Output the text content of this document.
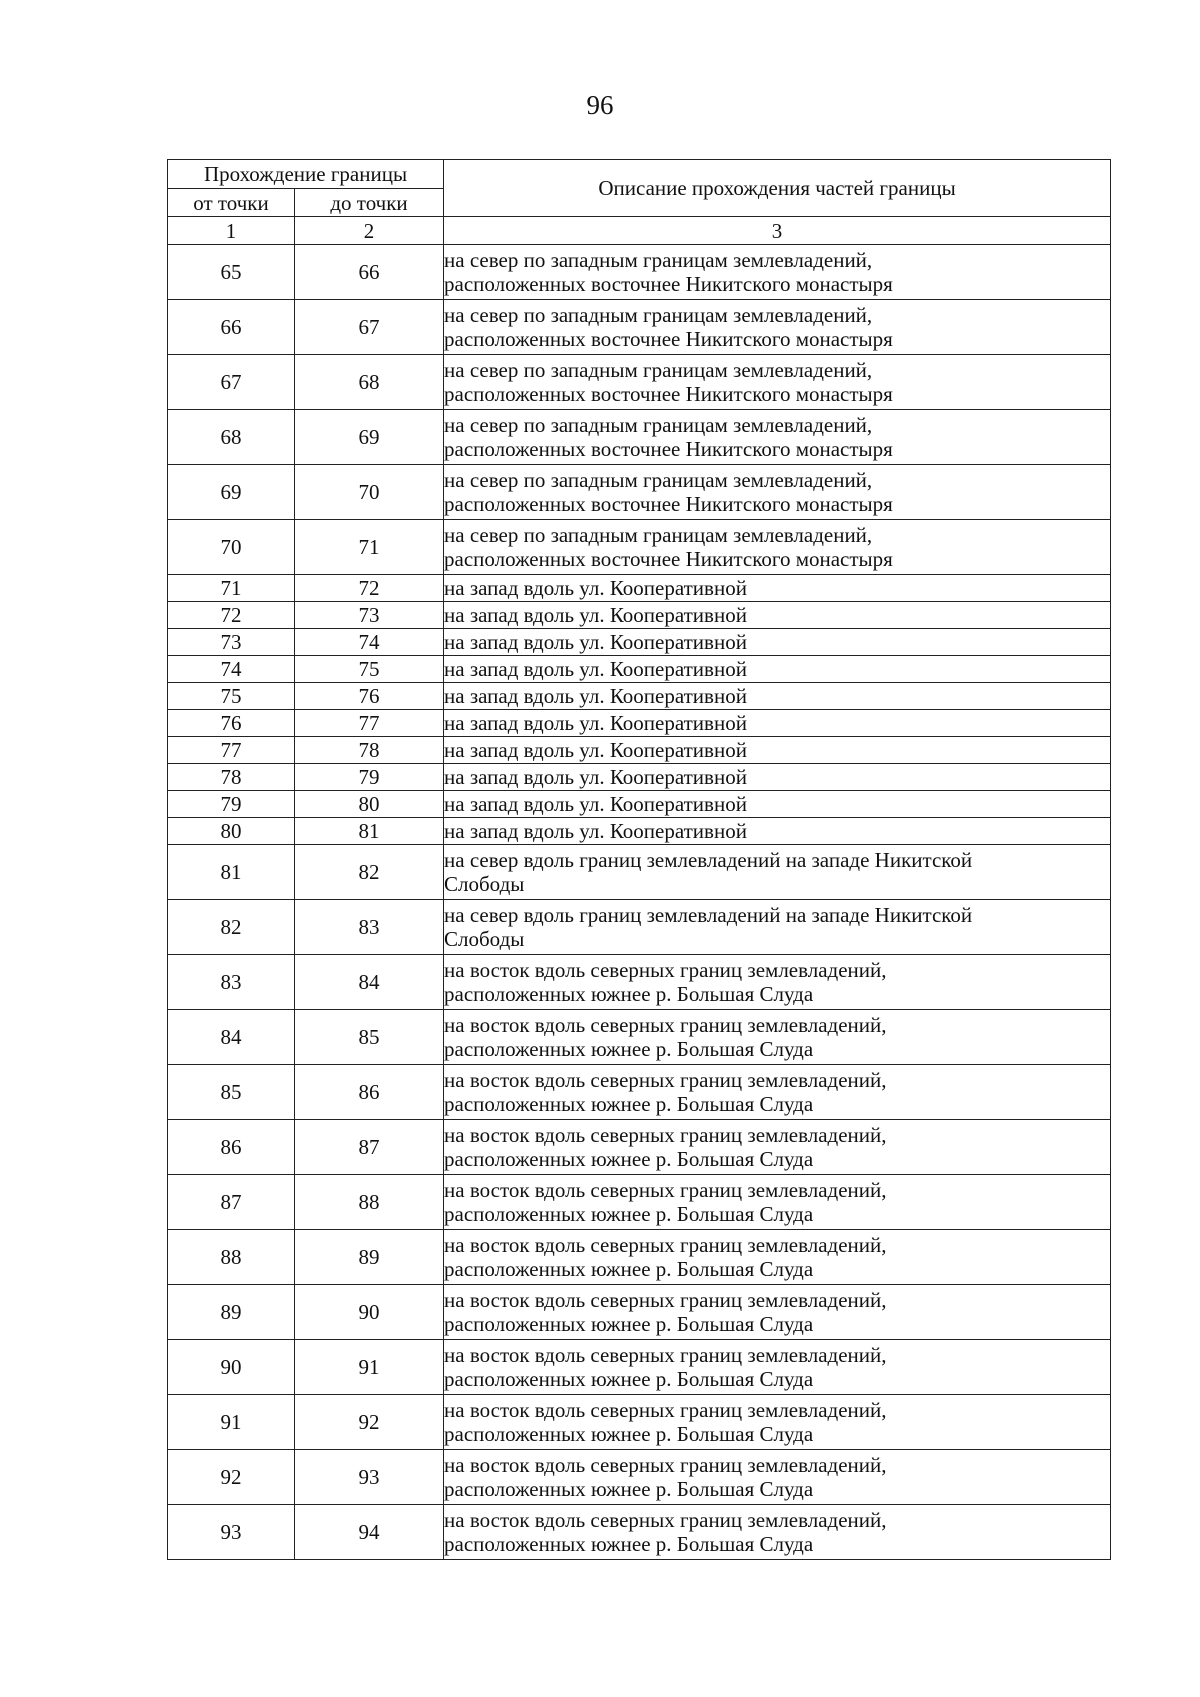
96
Прохождение границы		Описание прохождения частей границы
от точки	до точки	
1	2	3
65	66	на север по западным границам землевладений,
расположенных восточнее Никитского монастыря

66	67	на север по западным границам землевладений,
расположенных восточнее Никитского монастыря

67	68	на север по западным границам землевладений,
расположенных восточнее Никитского монастыря

68	69	на север по западным границам землевладений,
расположенных восточнее Никитского монастыря

69	70	на север по западным границам землевладений,
расположенных восточнее Никитского монастыря

70	71	на север по западным границам землевладений,
расположенных восточнее Никитского монастыря

71	72	на запад вдоль ул. Кооперативной

72	73	на запад вдоль ул. Кооперативной

73	74	на запад вдоль ул. Кооперативной

74	75	на запад вдоль ул. Кооперативной

75	76	на запад вдоль ул. Кооперативной

76	77	на запад вдоль ул. Кооперативной

77	78	на запад вдоль ул. Кооперативной

78	79	на запад вдоль ул. Кооперативной

79	80	на запад вдоль ул. Кооперативной

80	81	на запад вдоль ул. Кооперативной

81	82	на север вдоль границ землевладений на западе Никитской
Слободы

82	83	на север вдоль границ землевладений на западе Никитской
Слободы

83	84	на восток вдоль северных границ землевладений,
расположенных южнее р. Большая Слуда

84	85	на восток вдоль северных границ землевладений,
расположенных южнее р. Большая Слуда

85	86	на восток вдоль северных границ землевладений,
расположенных южнее р. Большая Слуда

86	87	на восток вдоль северных границ землевладений,
расположенных южнее р. Большая Слуда

87	88	на восток вдоль северных границ землевладений,
расположенных южнее р. Большая Слуда

88	89	на восток вдоль северных границ землевладений,
расположенных южнее р. Большая Слуда

89	90	на восток вдоль северных границ землевладений,
расположенных южнее р. Большая Слуда

90	91	на восток вдоль северных границ землевладений,
расположенных южнее р. Большая Слуда

91	92	на восток вдоль северных границ землевладений,
расположенных южнее р. Большая Слуда

92	93	на восток вдоль северных границ землевладений,
расположенных южнее р. Большая Слуда

93	94	на восток вдоль северных границ землевладений,
расположенных южнее р. Большая Слуда
